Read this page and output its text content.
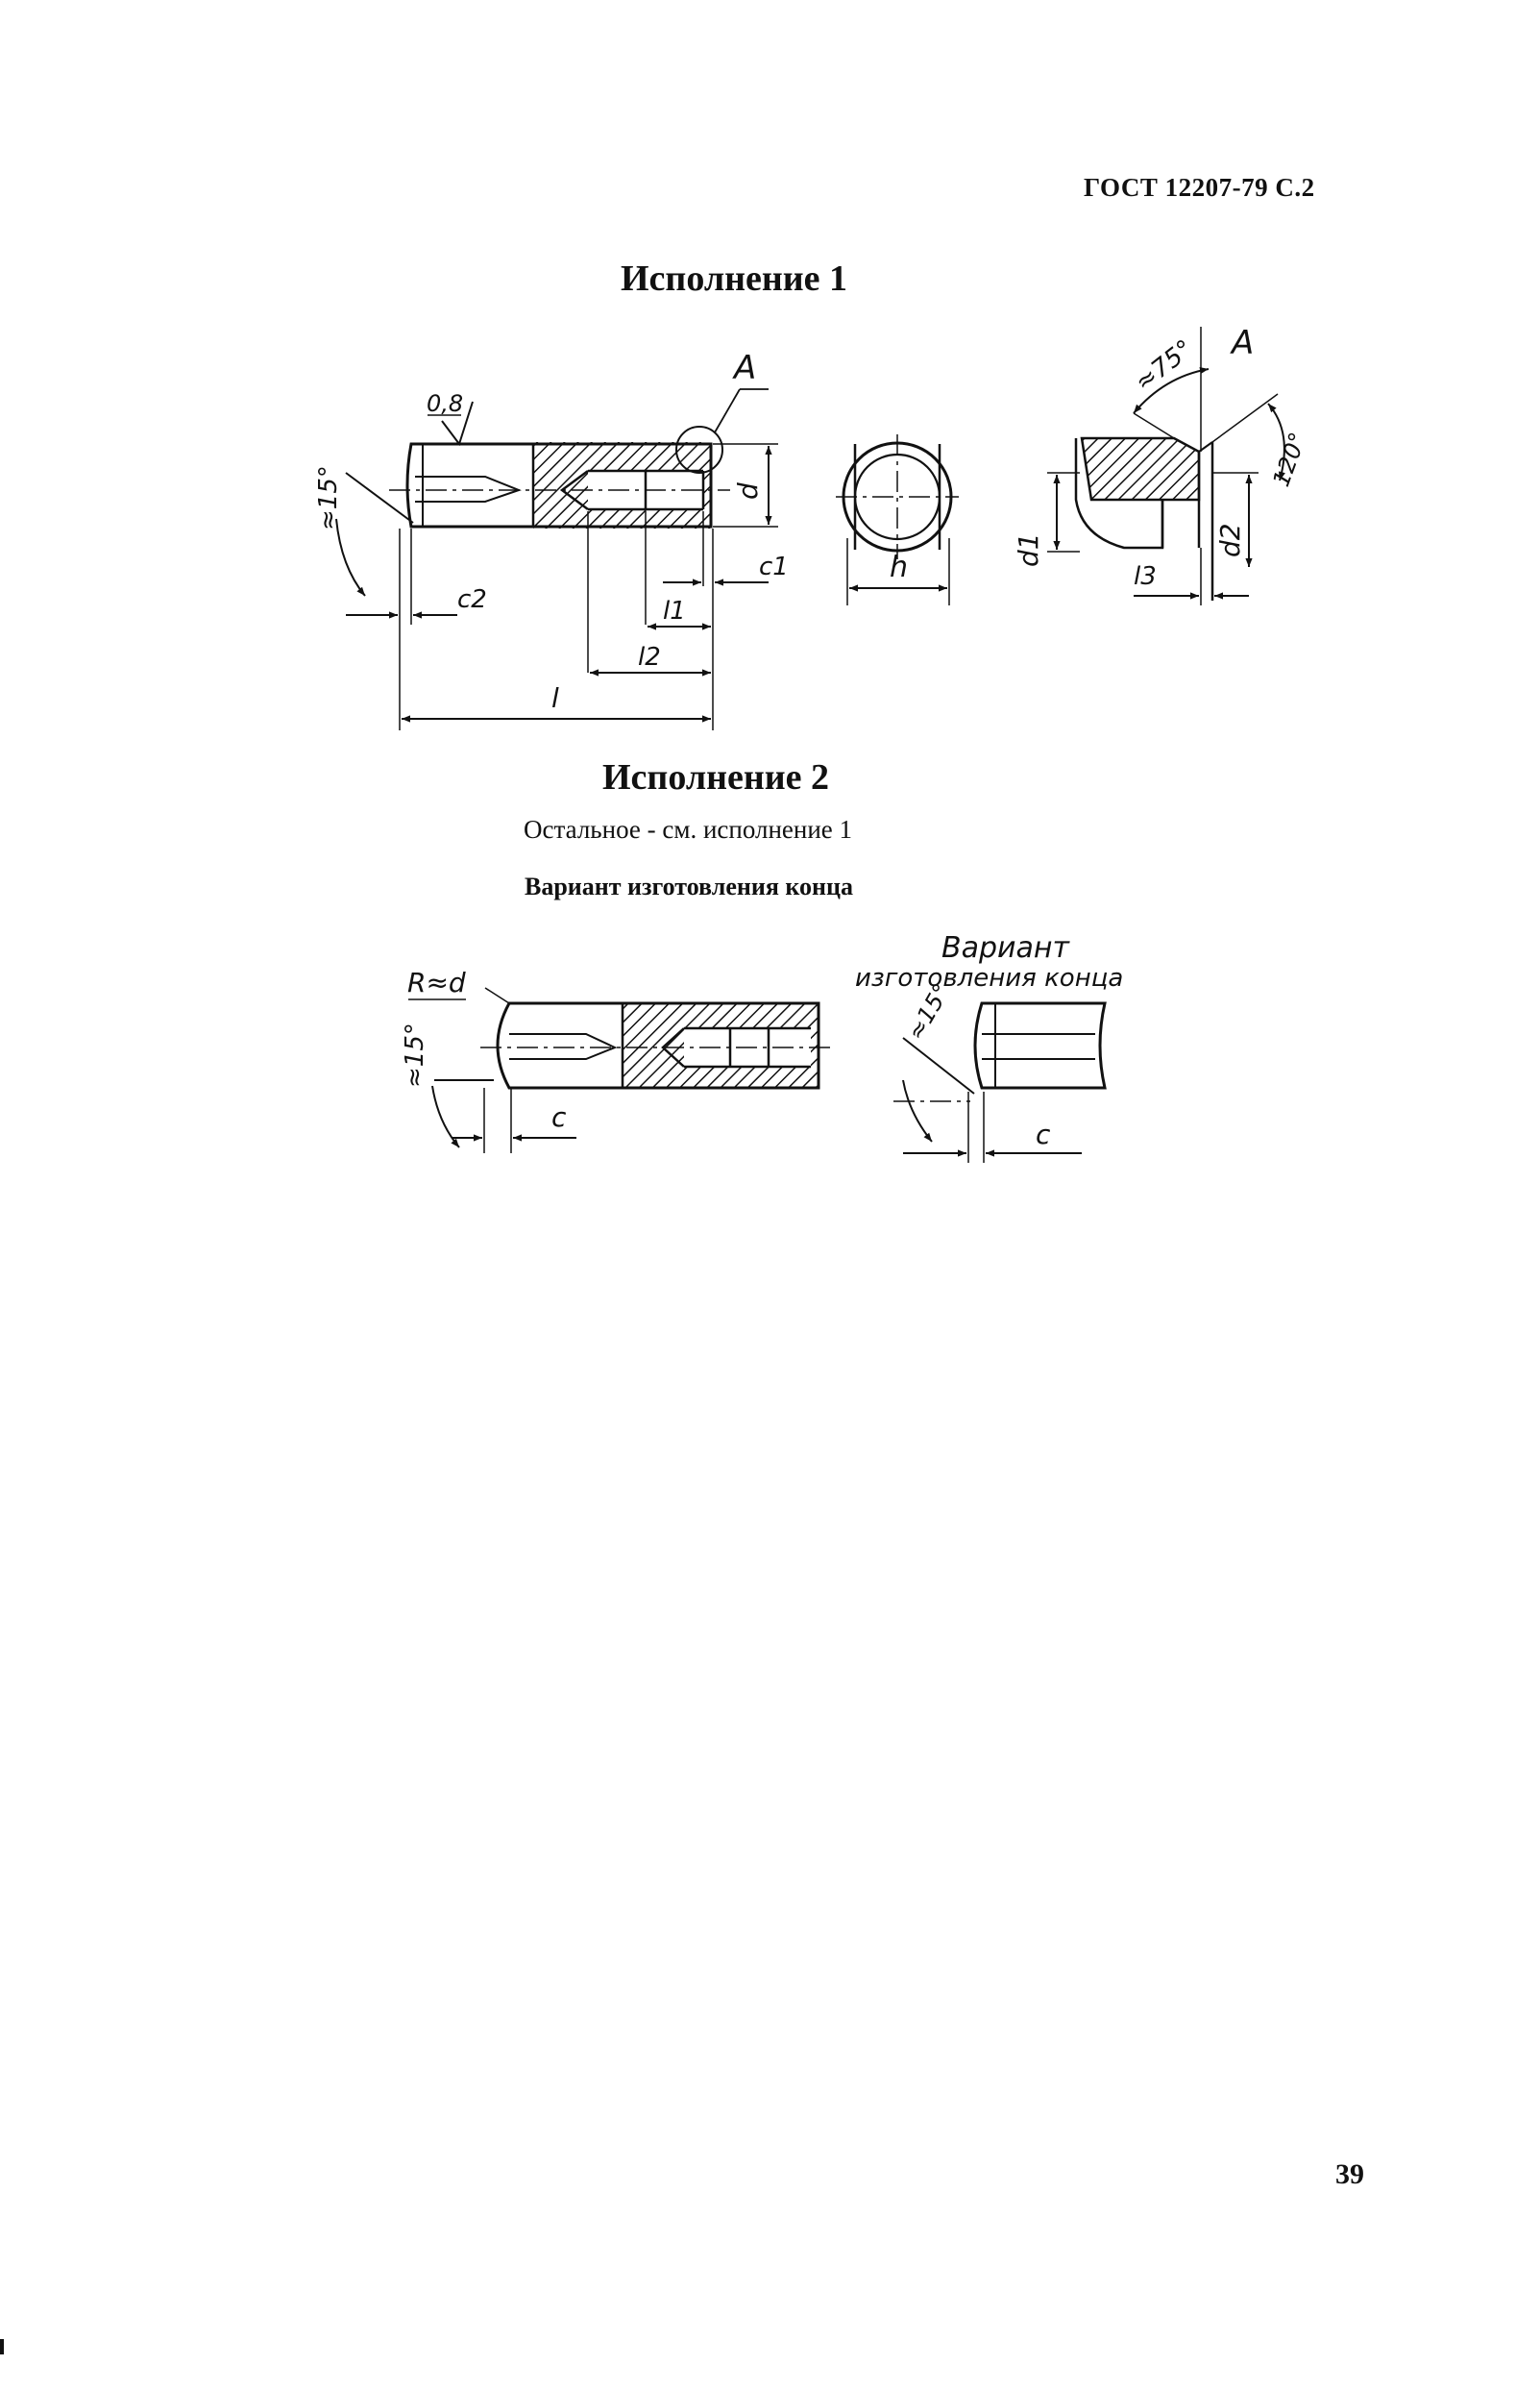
ГОСТ 12207-79 С.2
Исполнение 1
Исполнение 2
Остальное - см. исполнение 1
Вариант изготовления конца
39
0,8
A
≈15°	d
c2
c1
l1
l2
l
h
A
≈75°
120°
d1	d2
l3
R≈d
≈15°
c
Вариант
изготовления конца
≈15°
c
